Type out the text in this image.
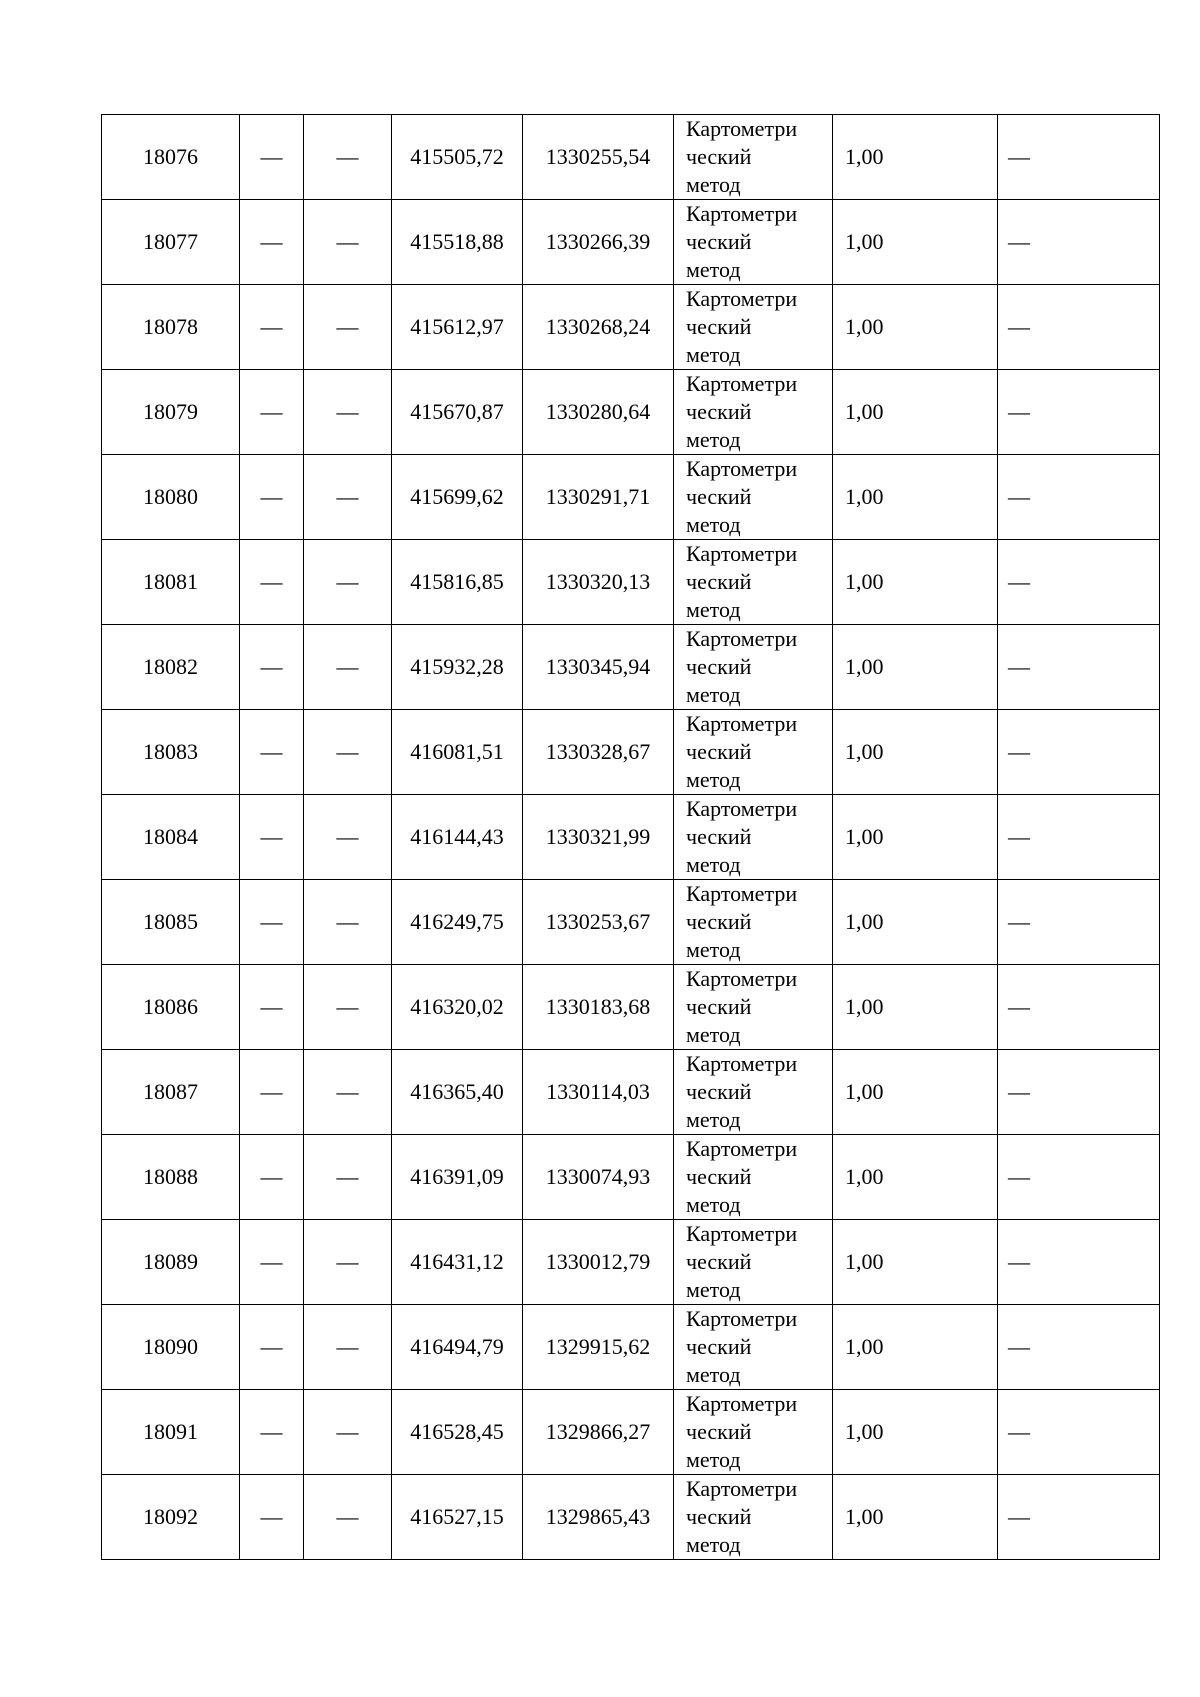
18076	—	—	415505,72	1330255,54	Картометри
ческий
метод	1,00	—
18077	—	—	415518,88	1330266,39	Картометри
ческий
метод	1,00	—
18078	—	—	415612,97	1330268,24	Картометри
ческий
метод	1,00	—
18079	—	—	415670,87	1330280,64	Картометри
ческий
метод	1,00	—
18080	—	—	415699,62	1330291,71	Картометри
ческий
метод	1,00	—
18081	—	—	415816,85	1330320,13	Картометри
ческий
метод	1,00	—
18082	—	—	415932,28	1330345,94	Картометри
ческий
метод	1,00	—
18083	—	—	416081,51	1330328,67	Картометри
ческий
метод	1,00	—
18084	—	—	416144,43	1330321,99	Картометри
ческий
метод	1,00	—
18085	—	—	416249,75	1330253,67	Картометри
ческий
метод	1,00	—
18086	—	—	416320,02	1330183,68	Картометри
ческий
метод	1,00	—
18087	—	—	416365,40	1330114,03	Картометри
ческий
метод	1,00	—
18088	—	—	416391,09	1330074,93	Картометри
ческий
метод	1,00	—
18089	—	—	416431,12	1330012,79	Картометри
ческий
метод	1,00	—
18090	—	—	416494,79	1329915,62	Картометри
ческий
метод	1,00	—
18091	—	—	416528,45	1329866,27	Картометри
ческий
метод	1,00	—
18092	—	—	416527,15	1329865,43	Картометри
ческий
метод	1,00	—
